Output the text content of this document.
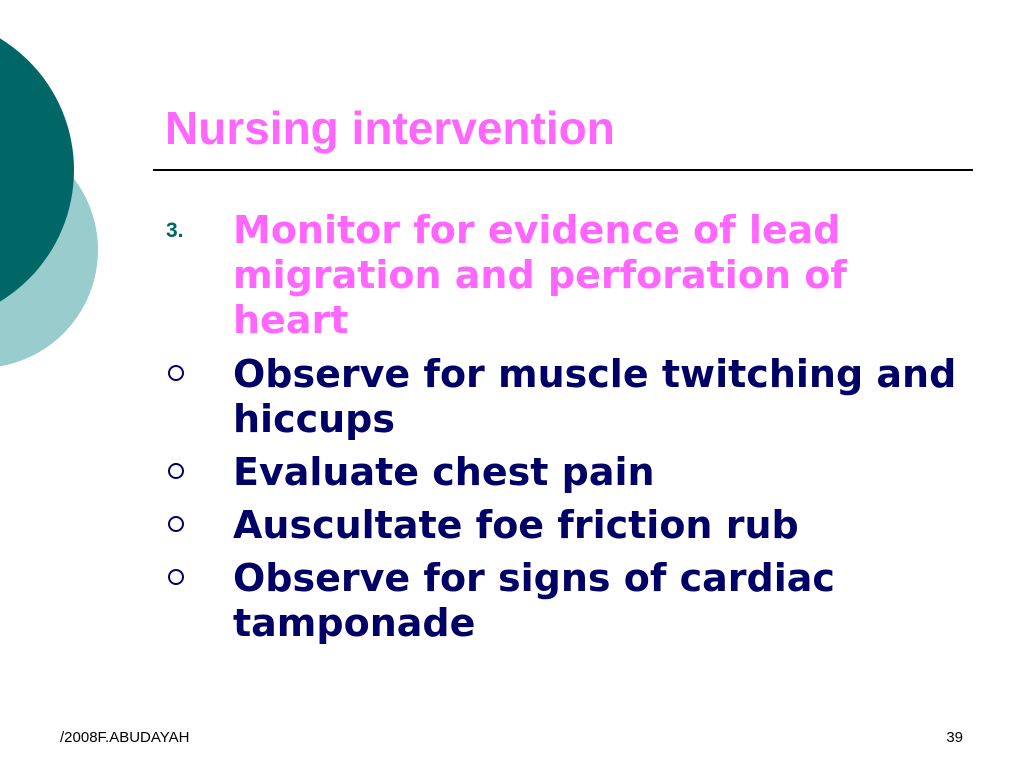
Nursing intervention
3. Monitor for evidence of lead migration and perforation of heart
Observe for muscle twitching and hiccups
Evaluate chest pain
Auscultate foe friction rub
Observe for signs of cardiac tamponade
/2008F.ABUDAYAH	39
